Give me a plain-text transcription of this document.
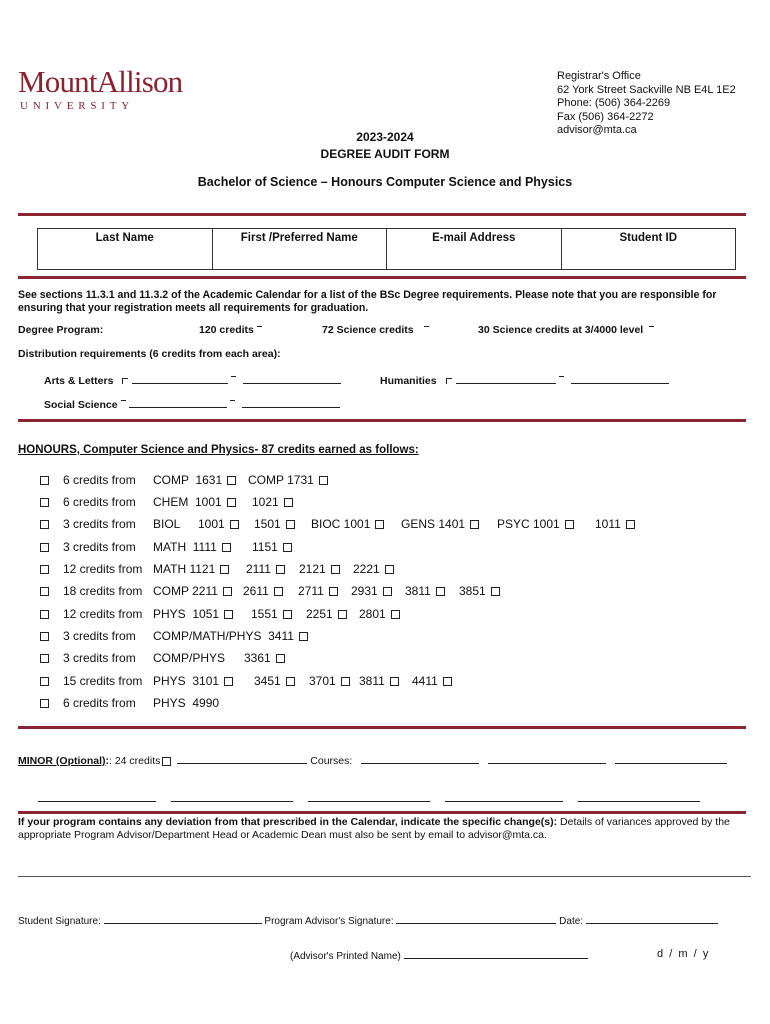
MountAllison
UNIVERSITY
Registrar's Office
62 York Street Sackville NB E4L 1E2
Phone: (506) 364-2269
Fax (506) 364-2272
advisor@mta.ca
2023-2024
DEGREE AUDIT FORM
Bachelor of Science – Honours Computer Science and Physics
Last Name	First /Preferred Name	E-mail Address	Student ID
See sections 11.3.1 and 11.3.2 of the Academic Calendar for a list of the BSc Degree requirements. Please note that you are responsible for ensuring that your registration meets all requirements for graduation.
Degree Program:	120 credits	72 Science credits	30 Science credits at 3/4000 level
Distribution requirements (6 credits from each area):
Arts & Letters	Humanities
Social Science
HONOURS, Computer Science and Physics- 87 credits earned as follows:
6 credits from COMP  1631	COMP 1731
6 credits from CHEM  1001	1021
3 credits from BIOL 1001	1501	BIOC 1001	GENS 1401	PSYC 1001	1011
3 credits from MATH  1111	1151
12 credits from MATH 1121	2111	2121	2221
18 credits from COMP 2211	2611	2711	2931	3811	3851
12 credits from PHYS  1051	1551	2251	2801
3 credits from COMP/MATH/PHYS  3411
3 credits from COMP/PHYS 3361
15 credits from PHYS  3101	3451	3701	3811	4411
6 credits from PHYS  4990
MINOR (Optional):: 24 credits	Courses:

If your program contains any deviation from that prescribed in the Calendar, indicate the specific change(s): Details of variances approved by the appropriate Program Advisor/Department Head or Academic Dean must also be sent by email to advisor@mta.ca.
Student Signature:	Program Advisor's Signature:	Date:
(Advisor's Printed Name)	d  /  m  /  y
